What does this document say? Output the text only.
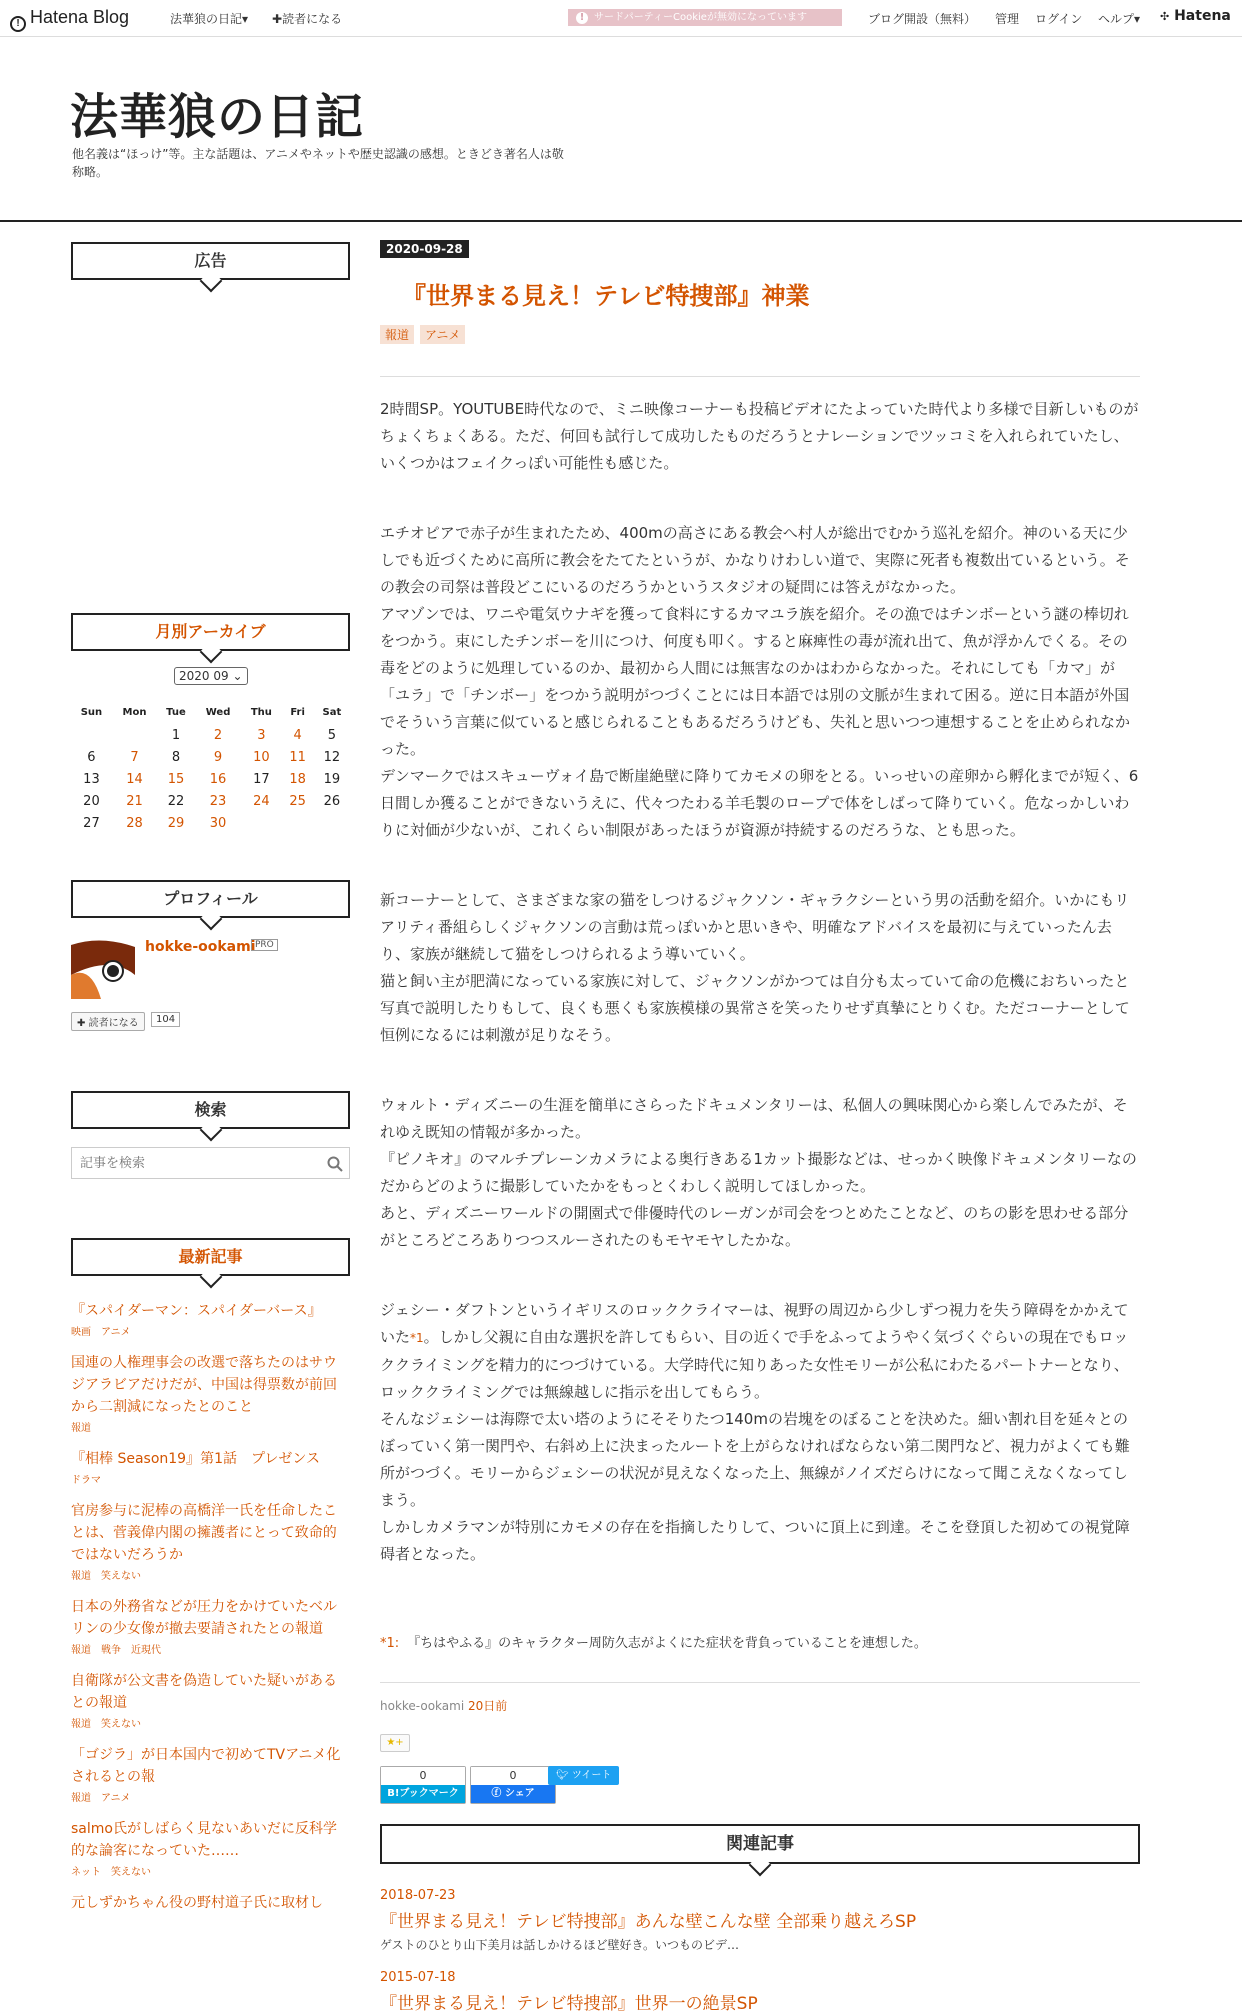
! Hatena Blog	法華狼の日記▾ ✚読者になる	! サードパーティーCookieが無効になっています	ブログ開設（無料） 管理 ログイン ヘルプ▾ ✣ Hatena
法華狼の日記
他名義は“ほっけ”等。主な話題は、アニメやネットや歴史認識の感想。ときどき著名人は敬称略。
広告
月別アーカイブ
2020 09 ⌄
Sun	Mon	Tue	Wed	Thu	Fri	Sat
		1	2	3	4	5
6	7	8	9	10	11	12
13	14	15	16	17	18	19
20	21	22	23	24	25	26
27	28	29	30			
プロフィール
hokke-ookami PRO
✚ 読者になる	104
検索
記事を検索
最新記事
『スパイダーマン：スパイダーバース』
映画 アニメ
国連の人権理事会の改選で落ちたのはサウジアラビアだけだが、中国は得票数が前回から二割減になったとのこと
報道
『相棒 Season19』第1話　プレゼンス
ドラマ
官房参与に泥棒の高橋洋一氏を任命したことは、菅義偉内閣の擁護者にとって致命的ではないだろうか
報道 笑えない
日本の外務省などが圧力をかけていたベルリンの少女像が撤去要請されたとの報道
報道 戦争 近現代
自衛隊が公文書を偽造していた疑いがあるとの報道
報道 笑えない
「ゴジラ」が日本国内で初めてTVアニメ化されるとの報
報道 アニメ
salmo氏がしばらく見ないあいだに反科学的な論客になっていた……
ネット 笑えない
元しずかちゃん役の野村道子氏に取材し
2020-09-28
『世界まる見え！テレビ特捜部』神業
報道 アニメ

2時間SP。YOUTUBE時代なので、ミニ映像コーナーも投稿ビデオにたよっていた時代より多様で目新しいものがちょくちょくある。ただ、何回も試行して成功したものだろうとナレーションでツッコミを入れられていたし、いくつかはフェイクっぽい可能性も感じた。

エチオピアで赤子が生まれたため、400mの高さにある教会へ村人が総出でむかう巡礼を紹介。神のいる天に少しでも近づくために高所に教会をたてたというが、かなりけわしい道で、実際に死者も複数出ているという。その教会の司祭は普段どこにいるのだろうかというスタジオの疑問には答えがなかった。
アマゾンでは、ワニや電気ウナギを獲って食料にするカマユラ族を紹介。その漁ではチンボーという謎の棒切れをつかう。束にしたチンボーを川につけ、何度も叩く。すると麻痺性の毒が流れ出て、魚が浮かんでくる。その毒をどのように処理しているのか、最初から人間には無害なのかはわからなかった。それにしても「カマ」が「ユラ」で「チンボー」をつかう説明がつづくことには日本語では別の文脈が生まれて困る。逆に日本語が外国でそういう言葉に似ていると感じられることもあるだろうけども、失礼と思いつつ連想することを止められなかった。
デンマークではスキューヴォイ島で断崖絶壁に降りてカモメの卵をとる。いっせいの産卵から孵化までが短く、6日間しか獲ることができないうえに、代々つたわる羊毛製のロープで体をしばって降りていく。危なっかしいわりに対価が少ないが、これくらい制限があったほうが資源が持続するのだろうな、とも思った。

新コーナーとして、さまざまな家の猫をしつけるジャクソン・ギャラクシーという男の活動を紹介。いかにもリアリティ番組らしくジャクソンの言動は荒っぽいかと思いきや、明確なアドバイスを最初に与えていったん去り、家族が継続して猫をしつけられるよう導いていく。
猫と飼い主が肥満になっている家族に対して、ジャクソンがかつては自分も太っていて命の危機におちいったと写真で説明したりもして、良くも悪くも家族模様の異常さを笑ったりせず真摯にとりくむ。ただコーナーとして恒例になるには刺激が足りなそう。

ウォルト・ディズニーの生涯を簡単にさらったドキュメンタリーは、私個人の興味関心から楽しんでみたが、それゆえ既知の情報が多かった。
『ピノキオ』のマルチプレーンカメラによる奥行きある1カット撮影などは、せっかく映像ドキュメンタリーなのだからどのように撮影していたかをもっとくわしく説明してほしかった。
あと、ディズニーワールドの開園式で俳優時代のレーガンが司会をつとめたことなど、のちの影を思わせる部分がところどころありつつスルーされたのもモヤモヤしたかな。

ジェシー・ダフトンというイギリスのロッククライマーは、視野の周辺から少しずつ視力を失う障碍をかかえていた*1。しかし父親に自由な選択を許してもらい、目の近くで手をふってようやく気づくぐらいの現在でもロッククライミングを精力的につづけている。大学時代に知りあった女性モリーが公私にわたるパートナーとなり、ロッククライミングでは無線越しに指示を出してもらう。
そんなジェシーは海際で太い塔のようにそそりたつ140mの岩塊をのぼることを決めた。細い割れ目を延々とのぼっていく第一関門や、右斜め上に決まったルートを上がらなければならない第二関門など、視力がよくても難所がつづく。モリーからジェシーの状況が見えなくなった上、無線がノイズだらけになって聞こえなくなってしまう。
しかしカメラマンが特別にカモメの存在を指摘したりして、ついに頂上に到達。そこを登頂した初めての視覚障碍者となった。

*1: 『ちはやふる』のキャラクター周防久志がよくにた症状を背負っていることを連想した。
hokke-ookami 20日前
★+
0
B!ブックマーク
0
ⓕ シェア
🐦︎ ツイート
関連記事
2018-07-23
『世界まる見え！テレビ特捜部』あんな壁こんな壁 全部乗り越えろSP
ゲストのひとり山下美月は話しかけるほど壁好き。いつものビデ…
2015-07-18
『世界まる見え！テレビ特捜部』世界一の絶景SP
